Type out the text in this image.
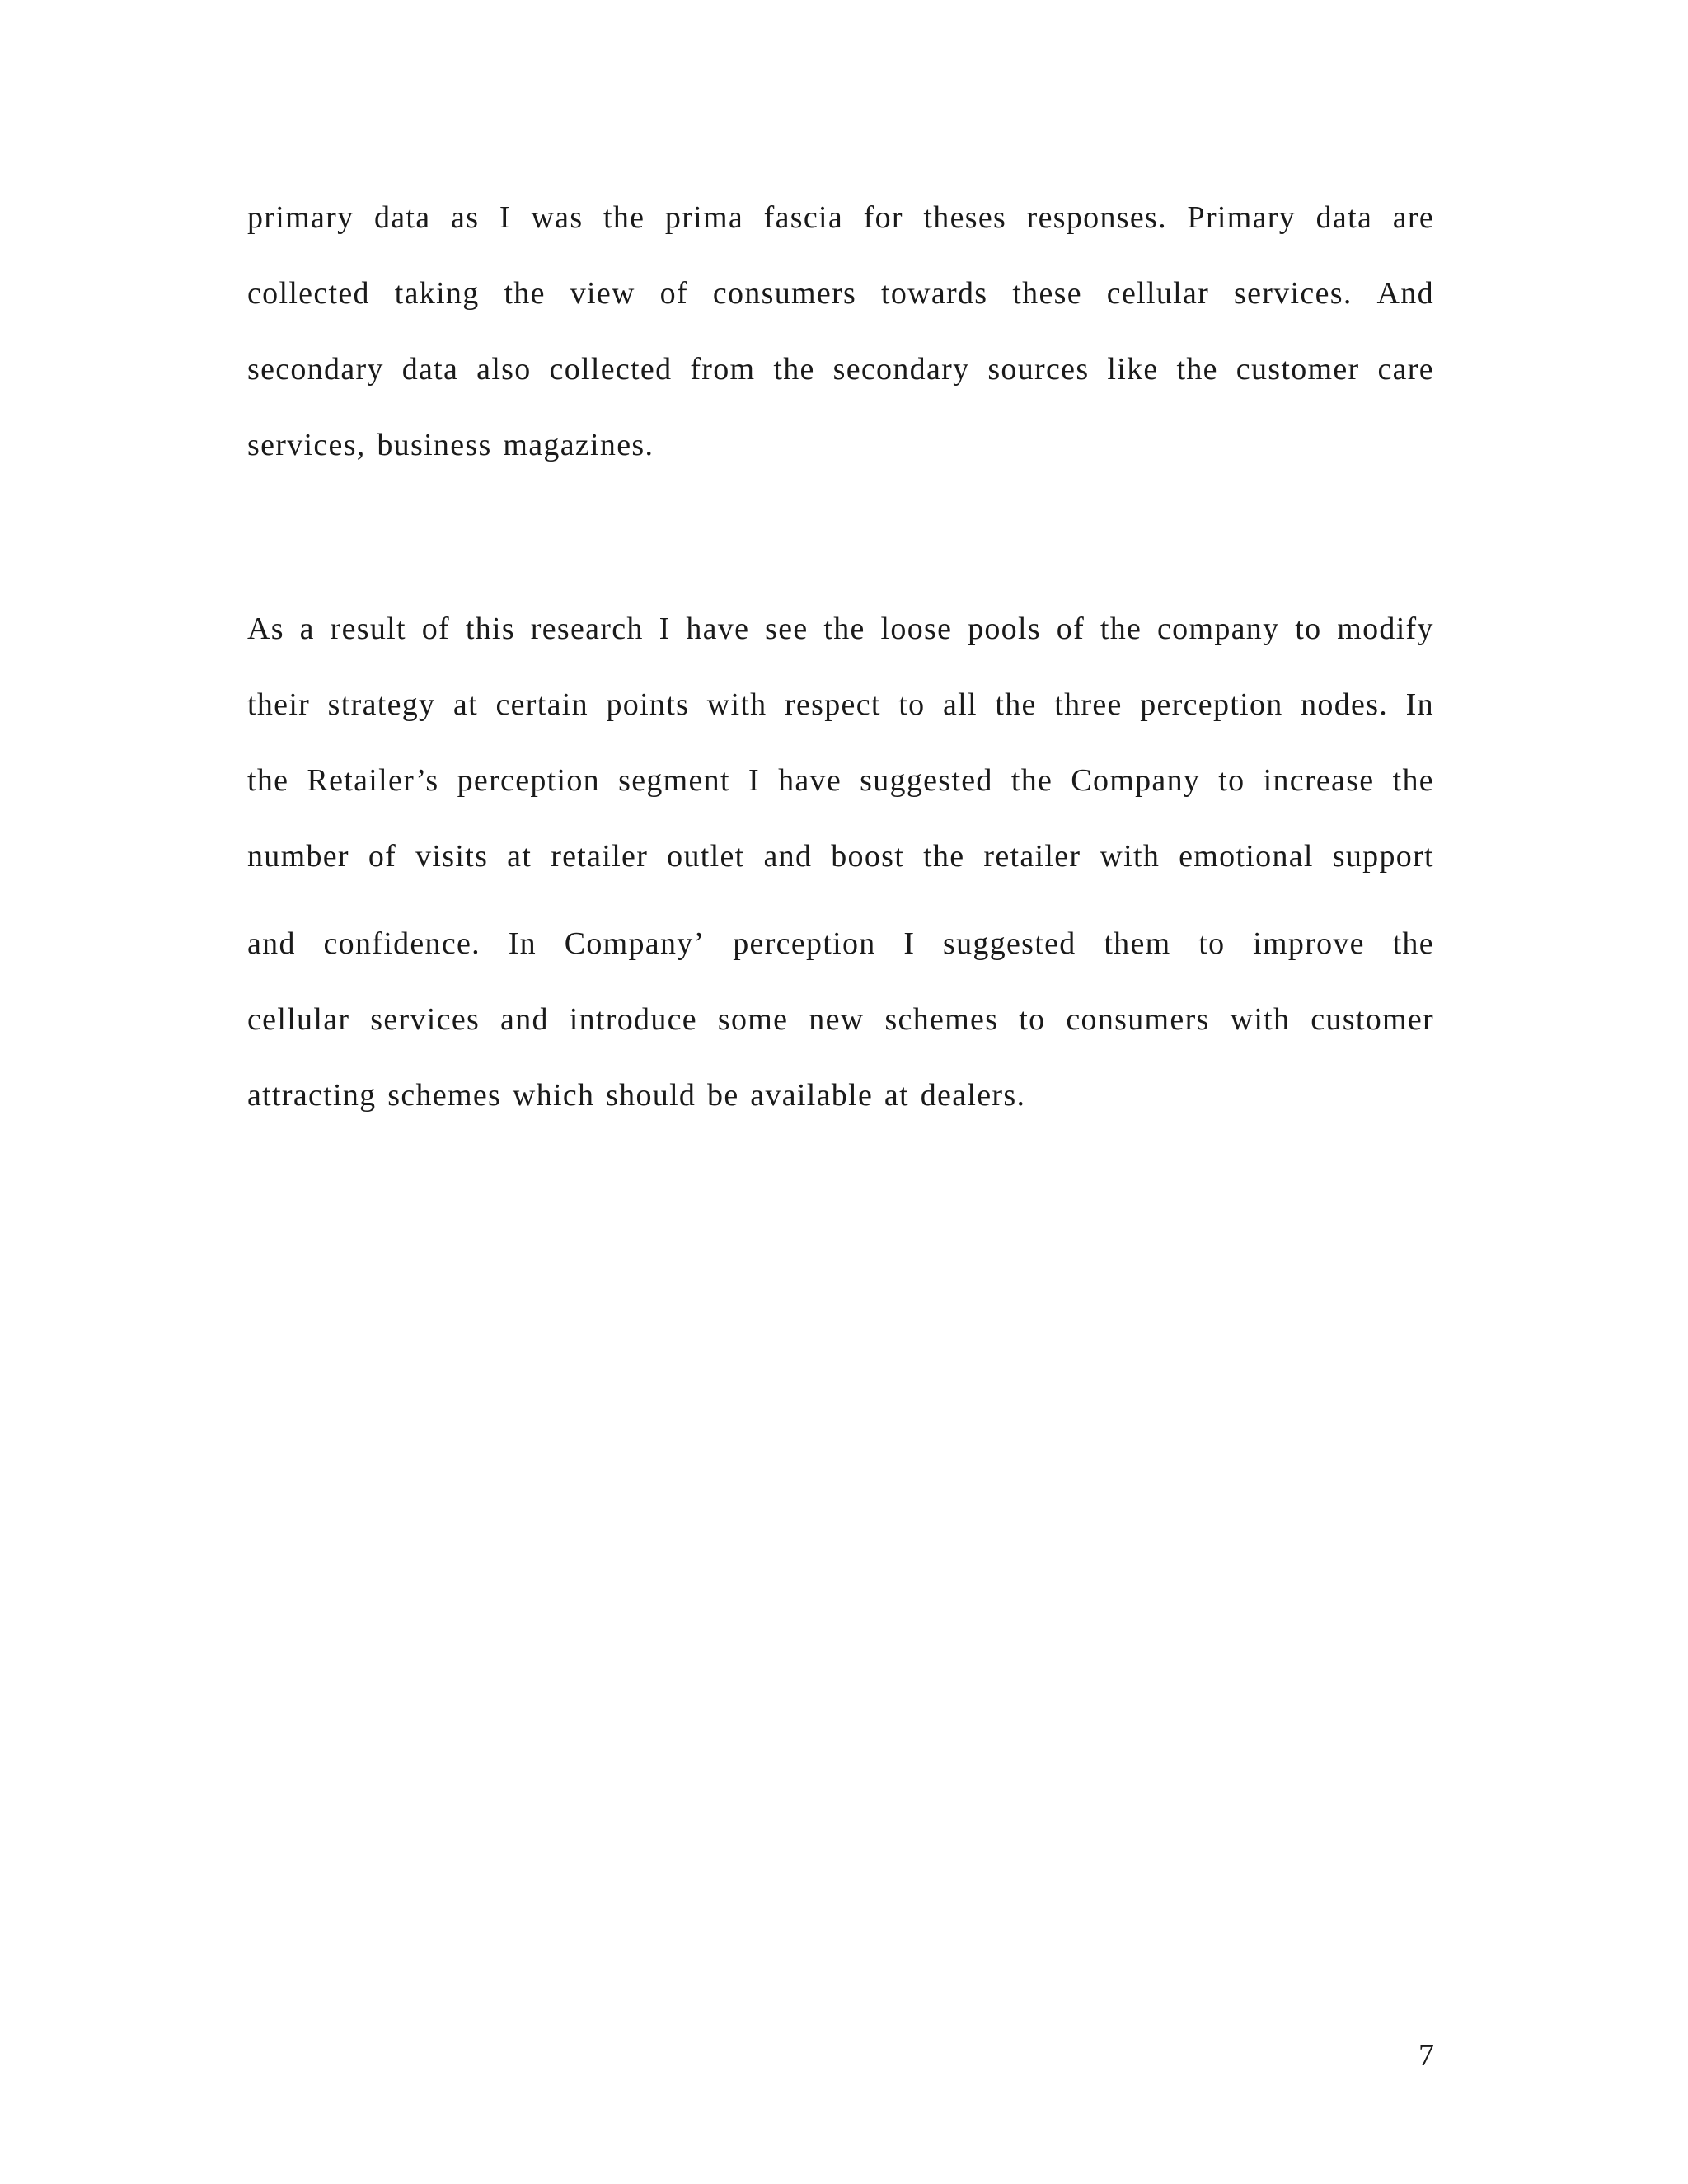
primary data as I was the prima fascia for theses responses. Primary data are
collected taking the view of consumers towards these cellular services. And
secondary data also collected from the secondary sources like the customer care
services, business magazines.
As a result of this research I have see the loose pools of the company to modify
their strategy at certain points with respect to all the three perception nodes. In
the Retailer’s perception segment I have suggested the Company to increase the
number of visits at retailer outlet and boost the retailer with emotional support
and confidence. In Company’ perception I suggested them to improve the
cellular services and introduce some new schemes to consumers with customer
attracting schemes which should be available at dealers.
7
